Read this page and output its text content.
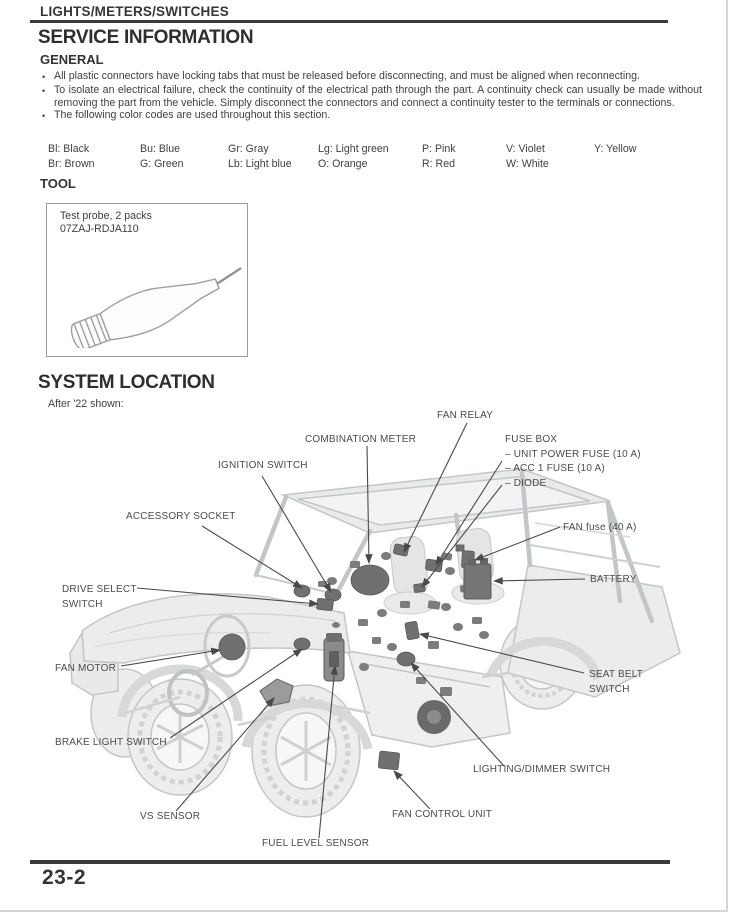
LIGHTS/METERS/SWITCHES
SERVICE INFORMATION
GENERAL
• All plastic connectors have locking tabs that must be released before disconnecting, and must be aligned when reconnecting.
• To isolate an electrical failure, check the continuity of the electrical path through the part. A continuity check can usually be made without removing the part from the vehicle. Simply disconnect the connectors and connect a continuity tester to the terminals or connections.
• The following color codes are used throughout this section.
Bl: Black	Bu: Blue	Gr: Gray	Lg: Light green	P: Pink	V: Violet	Y: Yellow
Br: Brown	G: Green	Lb: Light blue	O: Orange	R: Red	W: White
TOOL
Test probe, 2 packs
07ZAJ-RDJA110
SYSTEM LOCATION
After '22 shown:
FAN RELAY
COMBINATION METER	FUSE BOX
– UNIT POWER FUSE (10 A)
– ACC 1 FUSE (10 A)
– DIODE
IGNITION SWITCH
ACCESSORY SOCKET
FAN fuse (40 A)
BATTERY
DRIVE SELECT
SWITCH
FAN MOTOR
SEAT BELT
SWITCH
BRAKE LIGHT SWITCH
LIGHTING/DIMMER SWITCH
VS SENSOR	FAN CONTROL UNIT
FUEL LEVEL SENSOR
23-2
